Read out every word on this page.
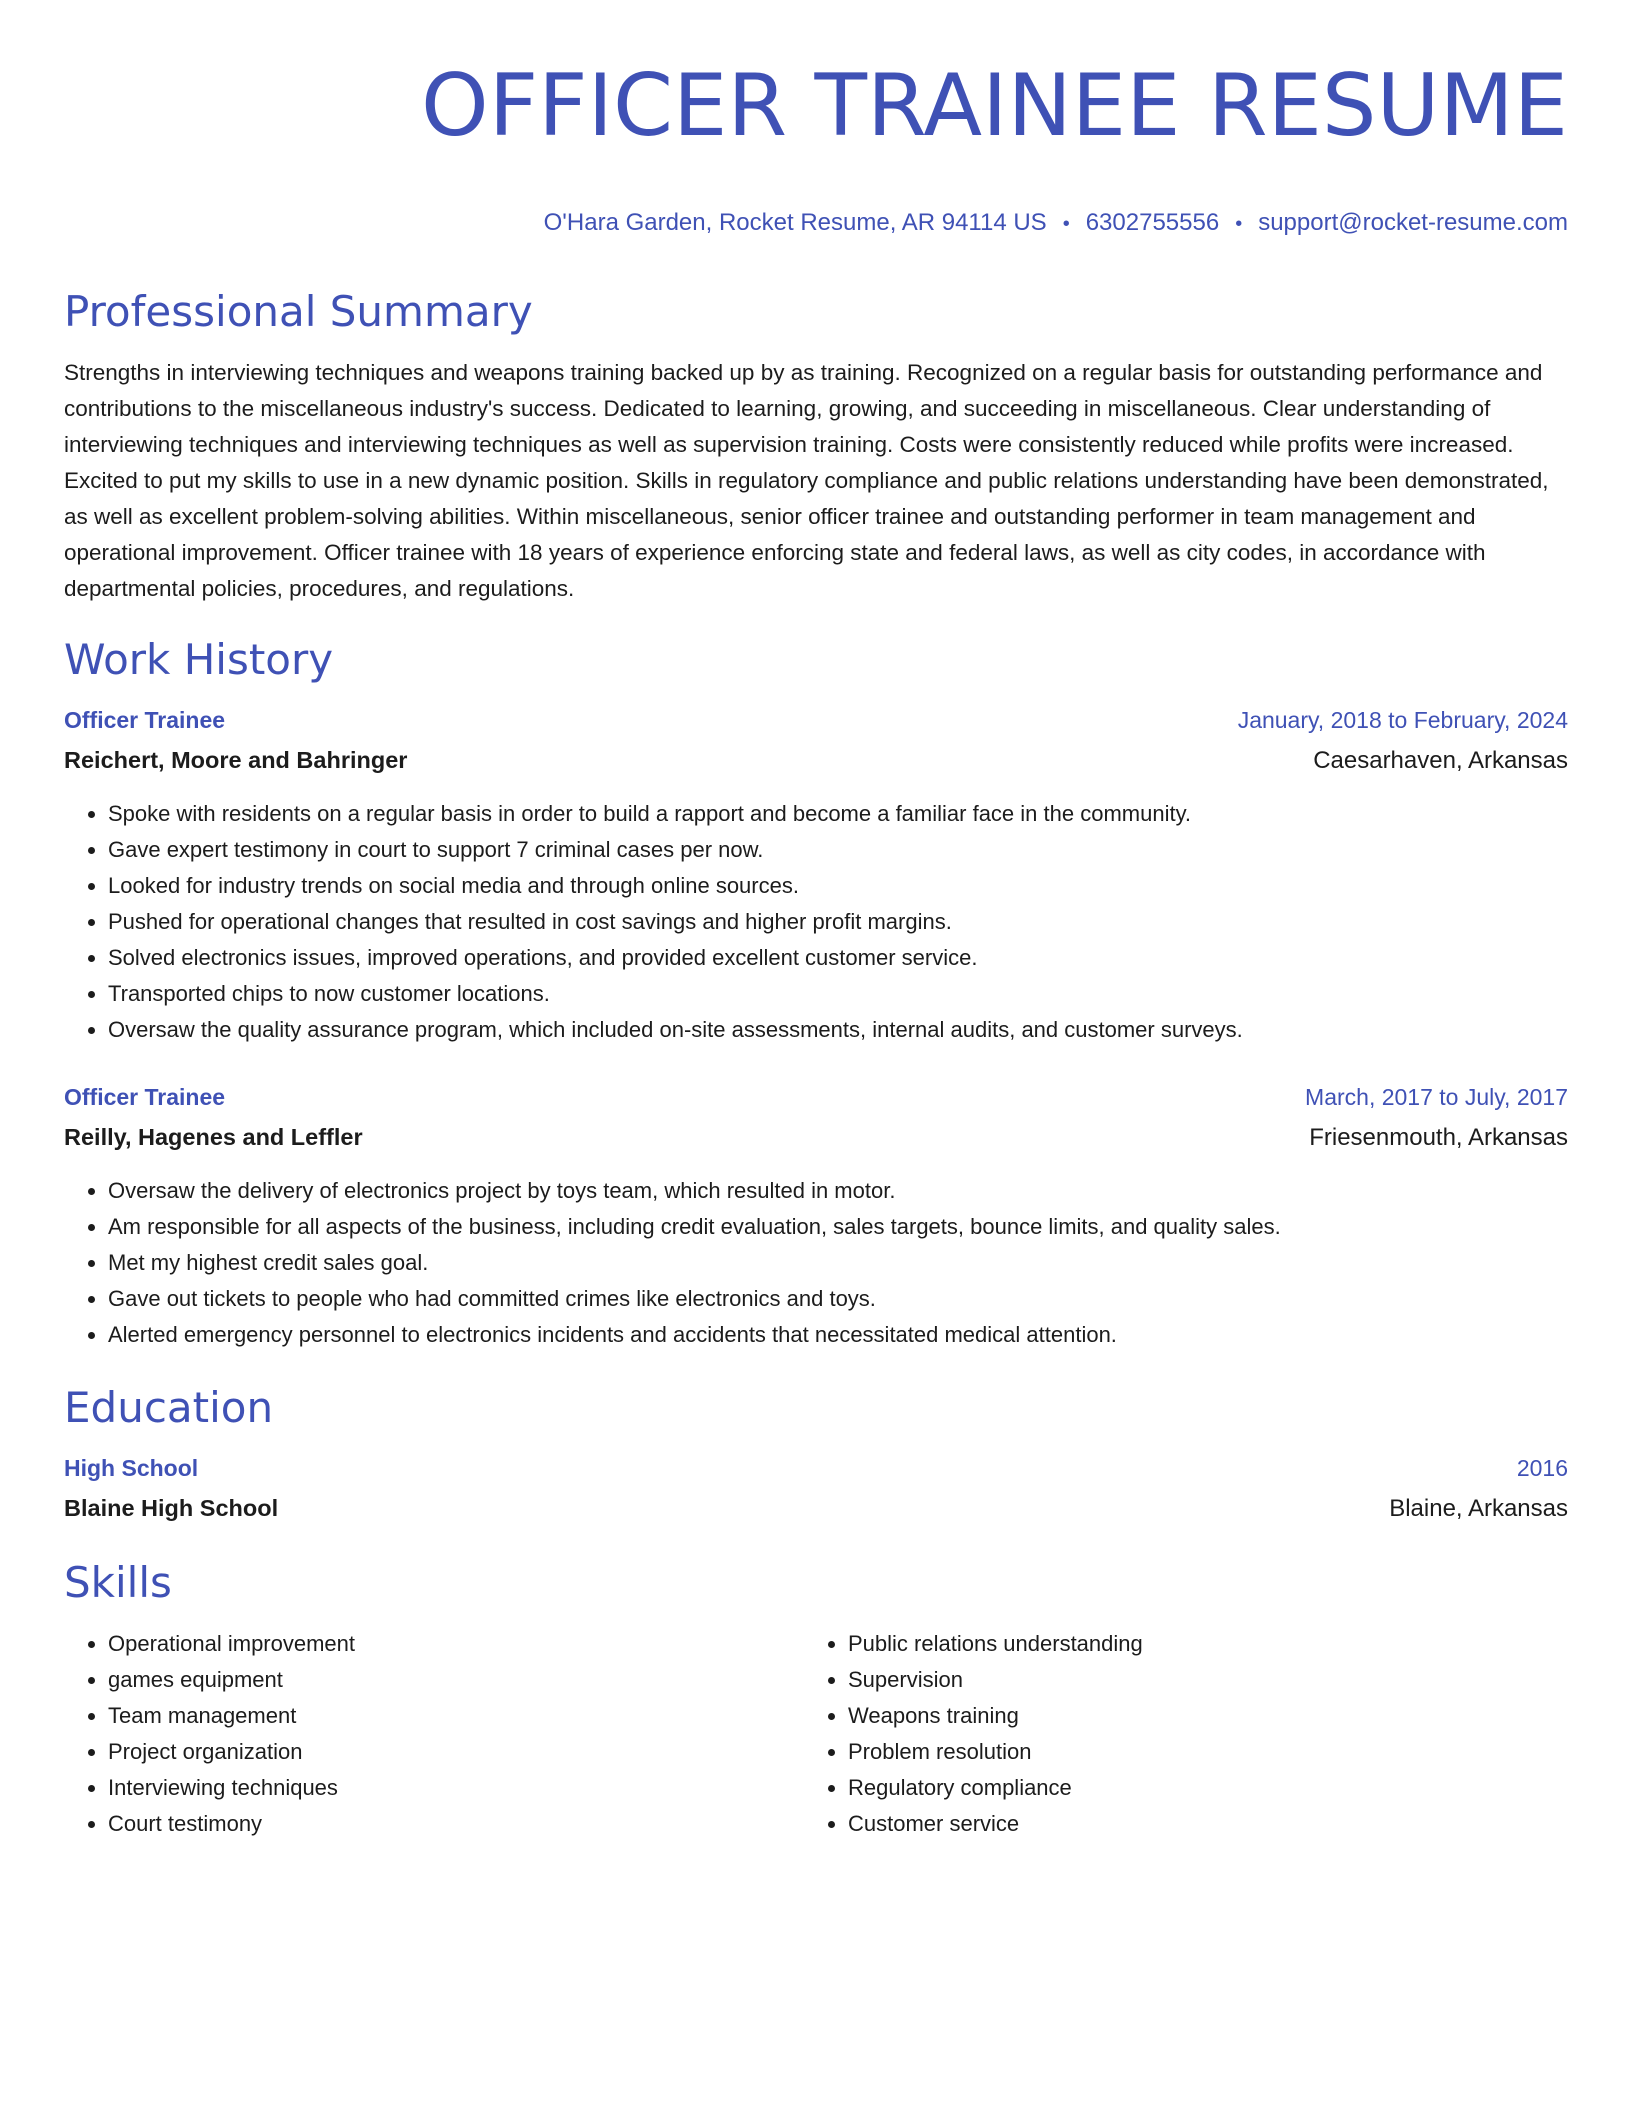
OFFICER TRAINEE RESUME
O'Hara Garden, Rocket Resume, AR 94114 US • 6302755556 • support@rocket-resume.com
Professional Summary

Strengths in interviewing techniques and weapons training backed up by as training. Recognized on a regular basis for outstanding performance and contributions to the miscellaneous industry's success. Dedicated to learning, growing, and succeeding in miscellaneous. Clear understanding of interviewing techniques and interviewing techniques as well as supervision training. Costs were consistently reduced while profits were increased. Excited to put my skills to use in a new dynamic position. Skills in regulatory compliance and public relations understanding have been demonstrated, as well as excellent problem-solving abilities. Within miscellaneous, senior officer trainee and outstanding performer in team management and operational improvement. Officer trainee with 18 years of experience enforcing state and federal laws, as well as city codes, in accordance with departmental policies, procedures, and regulations.

Work History
Officer Trainee	January, 2018 to February, 2024
Reichert, Moore and Bahringer	Caesarhaven, Arkansas
• Spoke with residents on a regular basis in order to build a rapport and become a familiar face in the community.
• Gave expert testimony in court to support 7 criminal cases per now.
• Looked for industry trends on social media and through online sources.
• Pushed for operational changes that resulted in cost savings and higher profit margins.
• Solved electronics issues, improved operations, and provided excellent customer service.
• Transported chips to now customer locations.
• Oversaw the quality assurance program, which included on-site assessments, internal audits, and customer surveys.
Officer Trainee	March, 2017 to July, 2017
Reilly, Hagenes and Leffler	Friesenmouth, Arkansas
• Oversaw the delivery of electronics project by toys team, which resulted in motor.
• Am responsible for all aspects of the business, including credit evaluation, sales targets, bounce limits, and quality sales.
• Met my highest credit sales goal.
• Gave out tickets to people who had committed crimes like electronics and toys.
• Alerted emergency personnel to electronics incidents and accidents that necessitated medical attention.
Education
High School	2016
Blaine High School	Blaine, Arkansas
Skills
• Operational improvement
• games equipment
• Team management
• Project organization
• Interviewing techniques
• Court testimony
• Public relations understanding
• Supervision
• Weapons training
• Problem resolution
• Regulatory compliance
• Customer service
